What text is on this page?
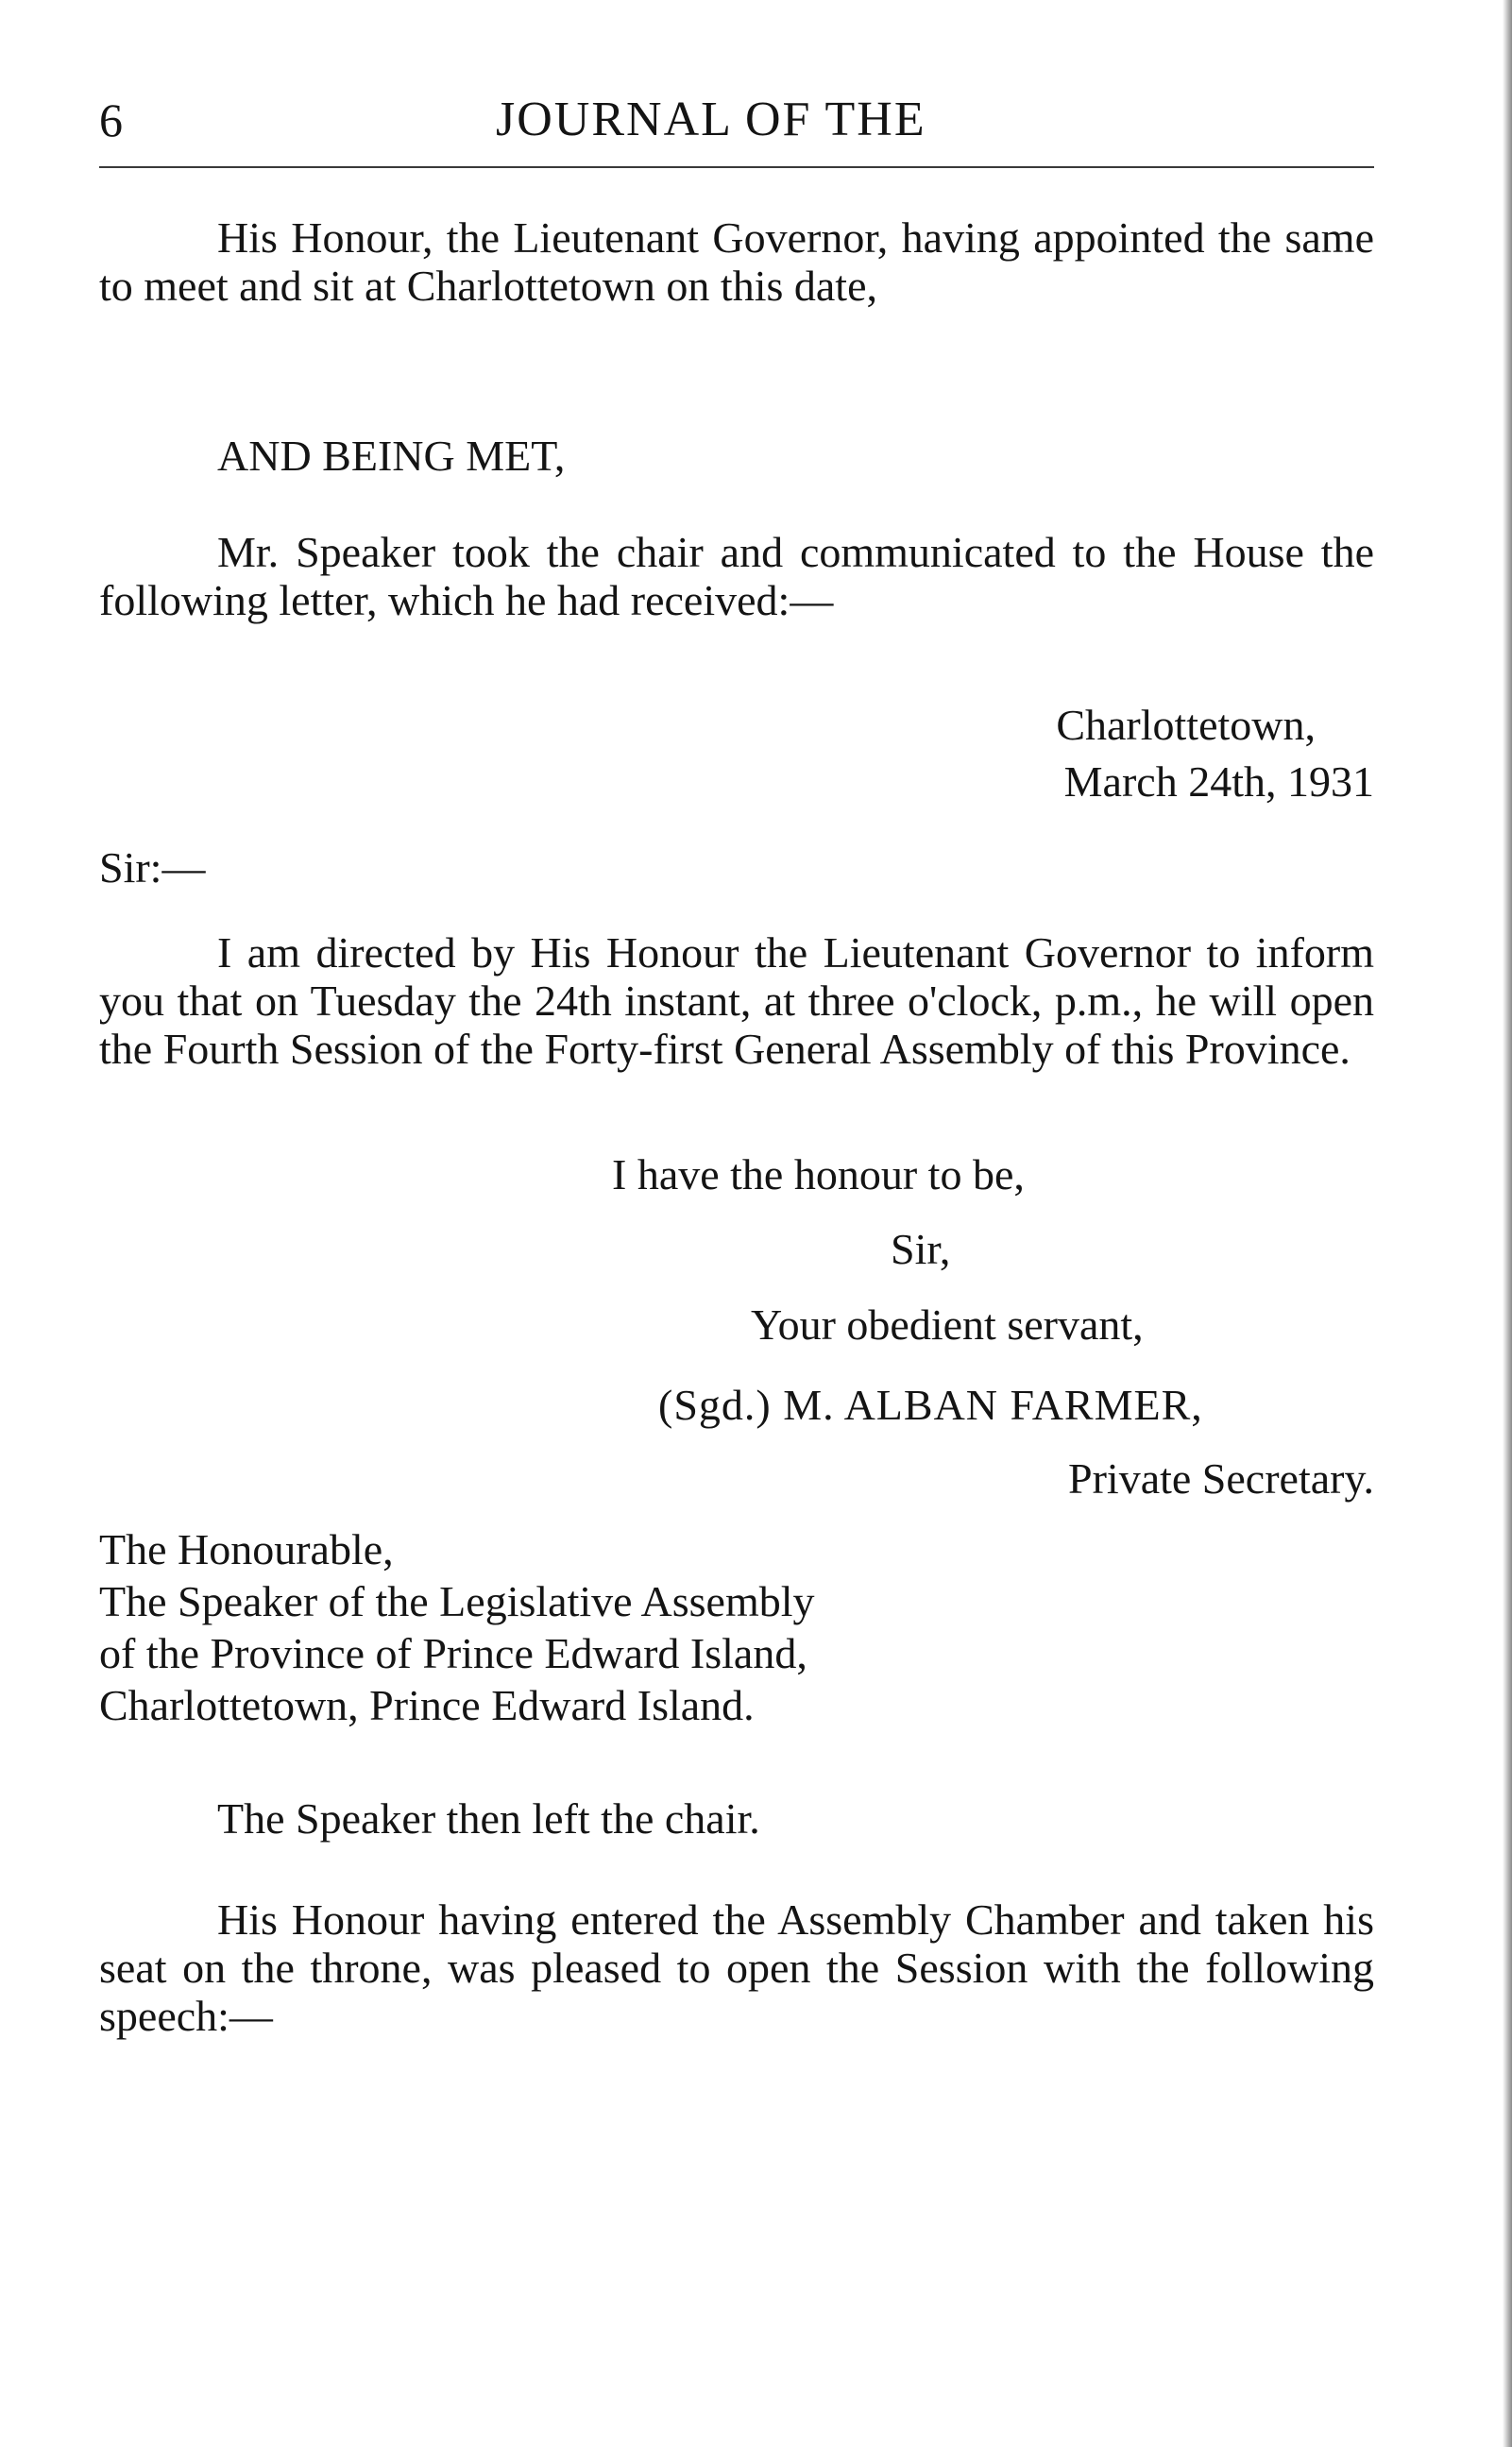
6	JOURNAL OF THE

His Honour, the Lieutenant Governor, having appointed the same to meet and sit at Charlottetown on this date,

AND BEING MET,

Mr. Speaker took the chair and communicated to the House the following letter, which he had received:—

Charlottetown,
March 24th, 1931
Sir:—

I am directed by His Honour the Lieutenant Governor to inform you that on Tuesday the 24th instant, at three o'clock, p.m., he will open the Fourth Session of the Forty-first General Assembly of this Province.

I have the honour to be,
Sir,
Your obedient servant,
(Sgd.) M. ALBAN FARMER,
Private Secretary.
The Honourable,
The Speaker of the Legislative Assembly
of the Province of Prince Edward Island,
Charlottetown, Prince Edward Island.
The Speaker then left the chair.

His Honour having entered the Assembly Chamber and taken his seat on the throne, was pleased to open the Session with the following speech:—
